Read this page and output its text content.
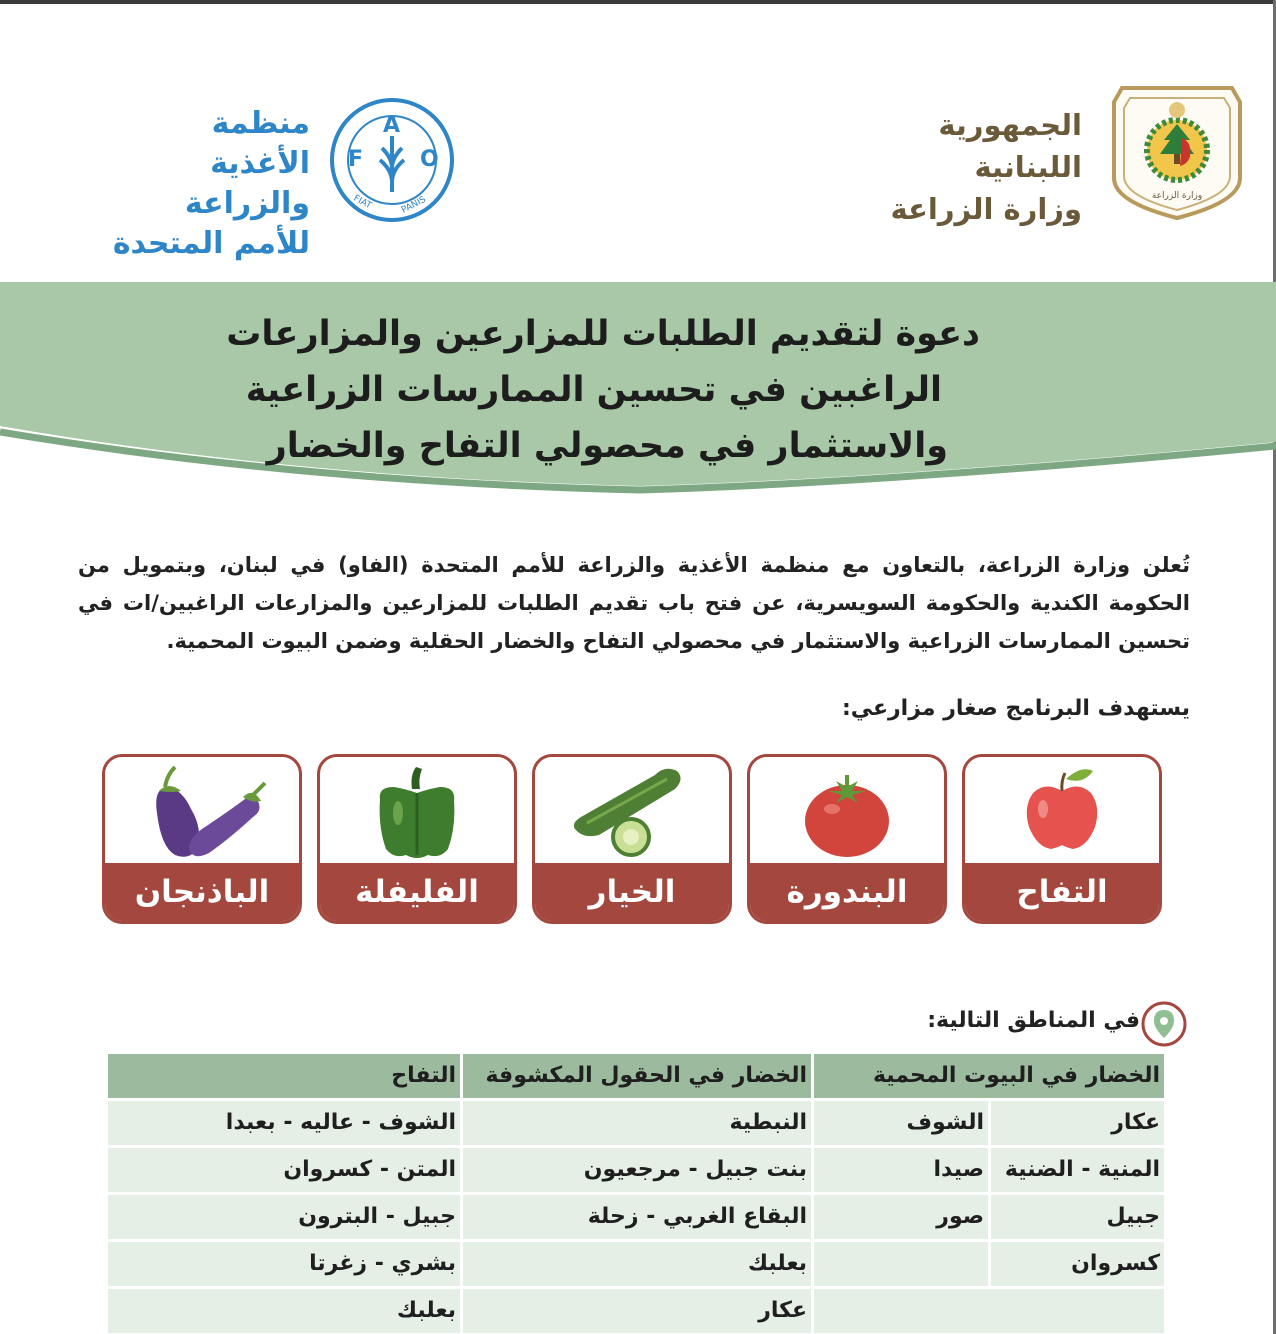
منظمة
الأغذية والزراعة
للأمم المتحدة
F
A
O
FIAT	PANIS
الجمهورية اللبنانية
وزارة الزراعة	وزارة الزراعة
دعوة لتقديم الطلبات للمزارعين والمزارعات
الراغبين في تحسين الممارسات الزراعية
والاستثمار في محصولي التفاح والخضار
تُعلن وزارة الزراعة، بالتعاون مع منظمة الأغذية والزراعة للأمم المتحدة (الفاو) في لبنان، وبتمويل من الحكومة الكندية والحكومة السويسرية، عن فتح باب تقديم الطلبات للمزارعين والمزارعات الراغبين/ات في تحسين الممارسات الزراعية والاستثمار في محصولي التفاح والخضار الحقلية وضمن البيوت المحمية.
يستهدف البرنامج صغار مزارعي:
التفاح
البندورة
الخيار
الفليفلة
الباذنجان
في المناطق التالية:
الخضار في البيوت المحمية
الخضار في الحقول المكشوفة
التفاح
عكار
الشوف
النبطية
الشوف - عاليه - بعبدا
المنية - الضنية
صيدا
بنت جبيل - مرجعيون
المتن - كسروان
جبيل
صور
البقاع الغربي - زحلة
جبيل - البترون
كسروان
بعلبك
بشري - زغرتا
عكار
بعلبك
